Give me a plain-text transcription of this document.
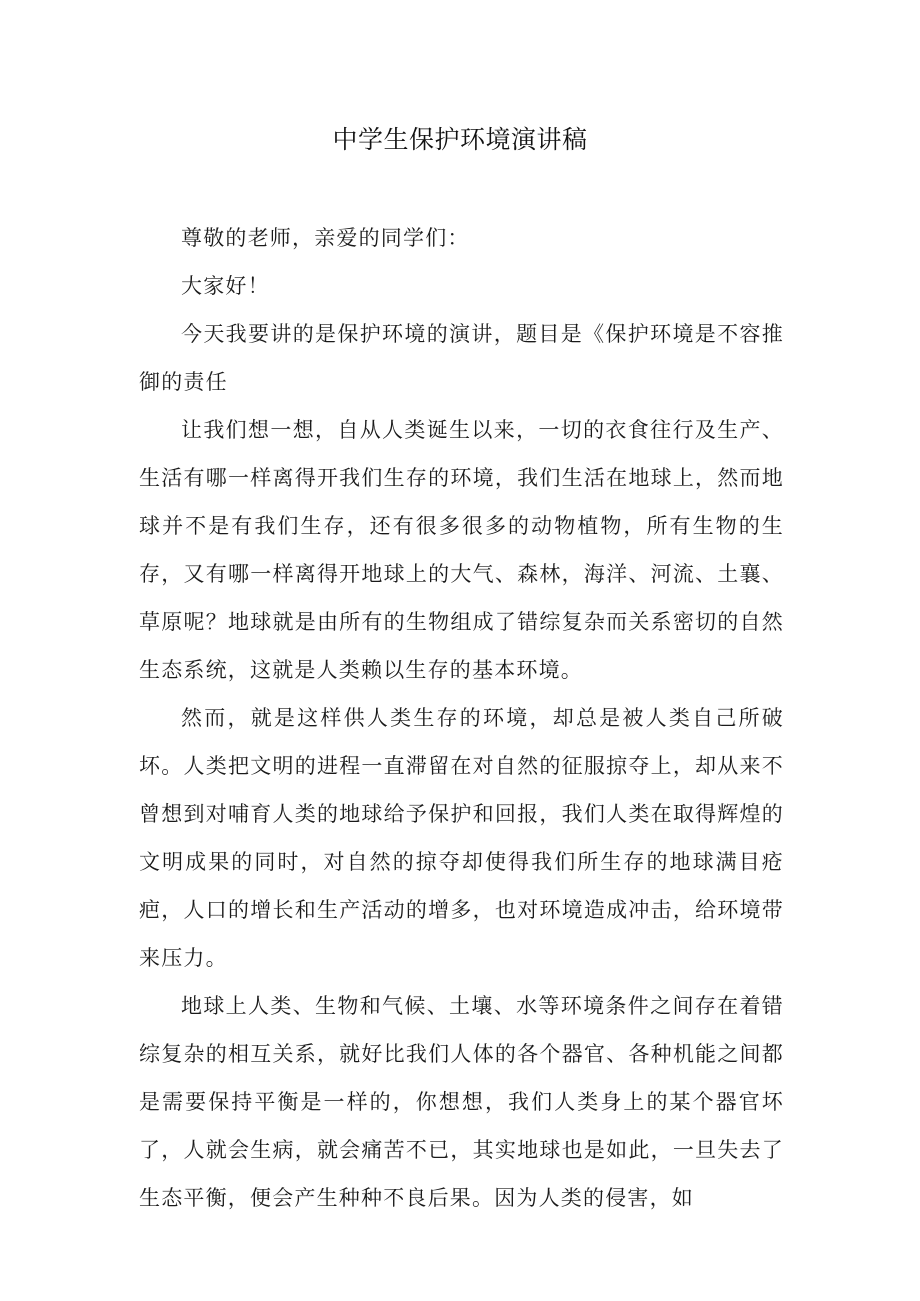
中学生保护环境演讲稿

尊敬的老师，亲爱的同学们：

大家好！

今天我要讲的是保护环境的演讲，题目是《保护环境是不容推御的责任

让我们想一想，自从人类诞生以来，一切的衣食往行及生产、生活有哪一样离得开我们生存的环境，我们生活在地球上，然而地球并不是有我们生存，还有很多很多的动物植物，所有生物的生存，又有哪一样离得开地球上的大气、森林，海洋、河流、土襄、草原呢？地球就是由所有的生物组成了错综复杂而关系密切的自然生态系统，这就是人类赖以生存的基本环境。

然而，就是这样供人类生存的环境，却总是被人类自己所破坏。人类把文明的进程一直滞留在对自然的征服掠夺上，却从来不曾想到对哺育人类的地球给予保护和回报，我们人类在取得辉煌的文明成果的同时，对自然的掠夺却使得我们所生存的地球满目疮疤，人口的增长和生产活动的增多，也对环境造成冲击，给环境带来压力。

地球上人类、生物和气候、土壤、水等环境条件之间存在着错综复杂的相互关系，就好比我们人体的各个器官、各种机能之间都是需要保持平衡是一样的，你想想，我们人类身上的某个器官坏了，人就会生病，就会痛苦不已，其实地球也是如此，一旦失去了生态平衡，便会产生种种不良后果。因为人类的侵害，如
